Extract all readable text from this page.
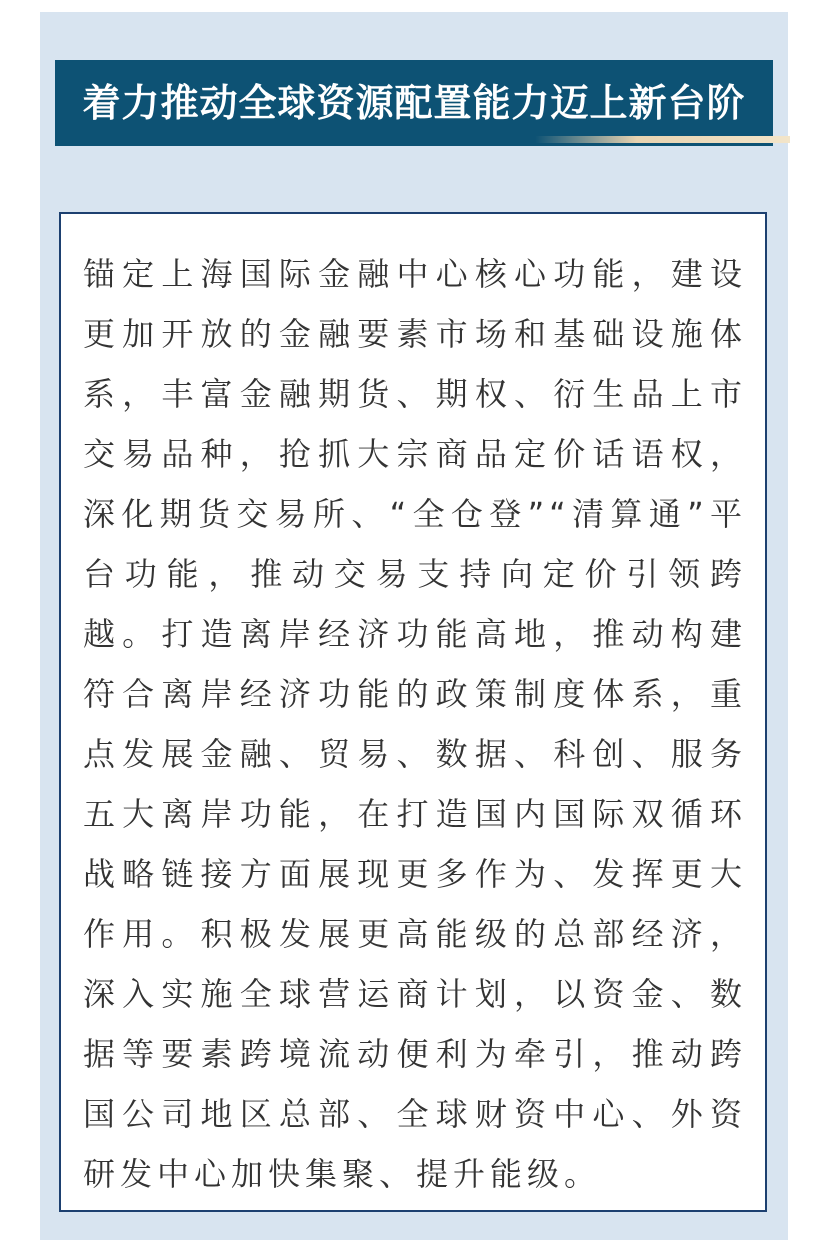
着力推动全球资源配置能力迈上新台阶

锚定上海国际金融中心核心功能，建设更加开放的金融要素市场和基础设施体系，丰富金融期货、期权、衍生品上市交易品种，抢抓大宗商品定价话语权，深化期货交易所、“全仓登”“清算通”平台功能，推动交易支持向定价引领跨越。打造离岸经济功能高地，推动构建符合离岸经济功能的政策制度体系，重点发展金融、贸易、数据、科创、服务五大离岸功能，在打造国内国际双循环战略链接方面展现更多作为、发挥更大作用。积极发展更高能级的总部经济，深入实施全球营运商计划，以资金、数据等要素跨境流动便利为牵引，推动跨国公司地区总部、全球财资中心、外资研发中心加快集聚、提升能级。
